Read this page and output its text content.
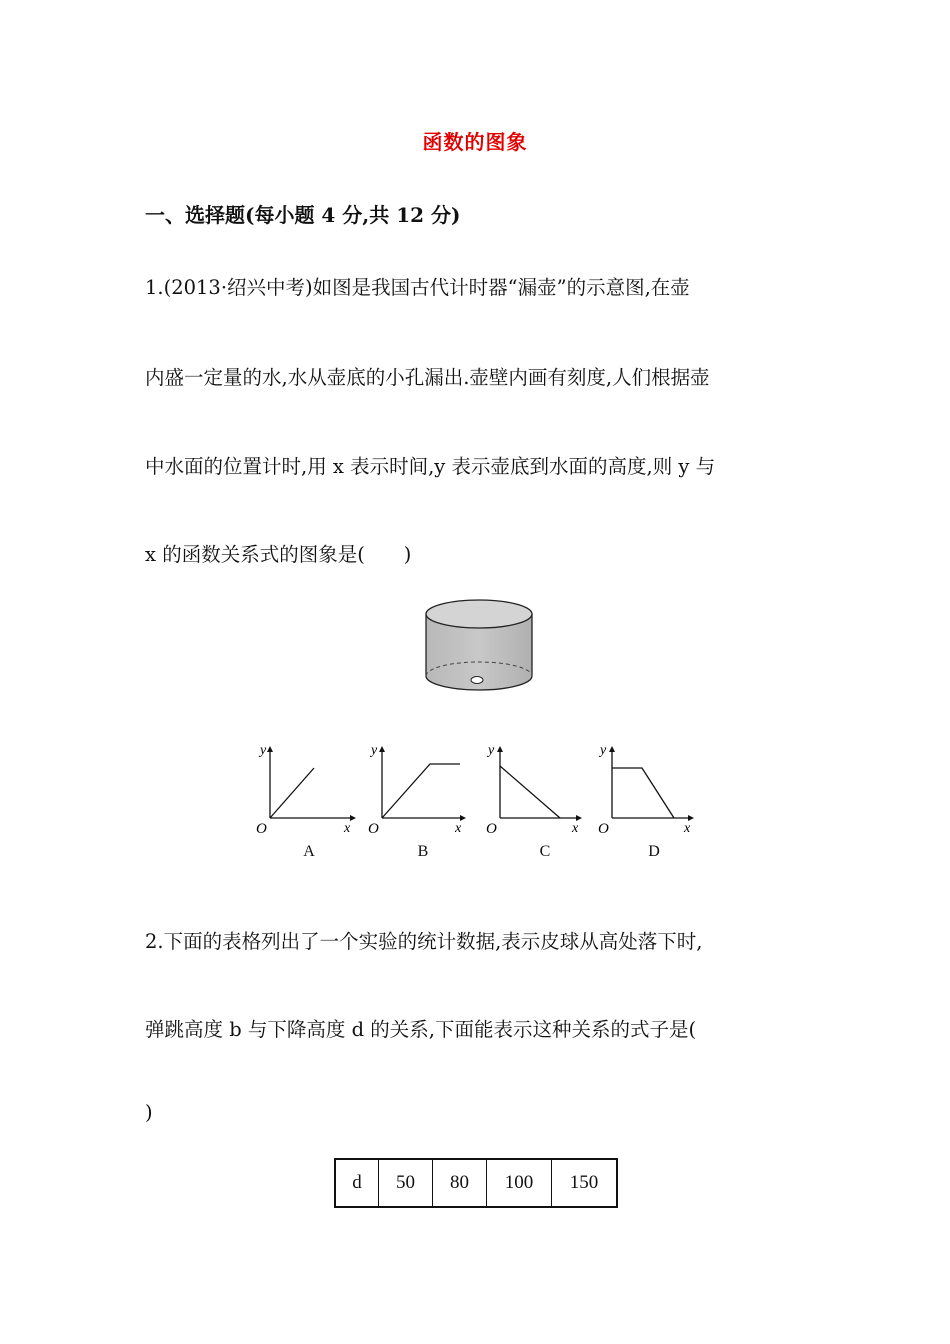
函数的图象
一、选择题(每小题 4 分,共 12 分)
1.(2013·绍兴中考)如图是我国古代计时器“漏壶”的示意图,在壶
内盛一定量的水,水从壶底的小孔漏出.壶壁内画有刻度,人们根据壶
中水面的位置计时,用 x 表示时间,y 表示壶底到水面的高度,则 y 与
x 的函数关系式的图象是(　　)
y
x
O
A
y
x
O
B
y
x
O
C
y
x
O
D
2.下面的表格列出了一个实验的统计数据,表示皮球从高处落下时,
弹跳高度 b 与下降高度 d 的关系,下面能表示这种关系的式子是(
)
d	50	80	100	150
